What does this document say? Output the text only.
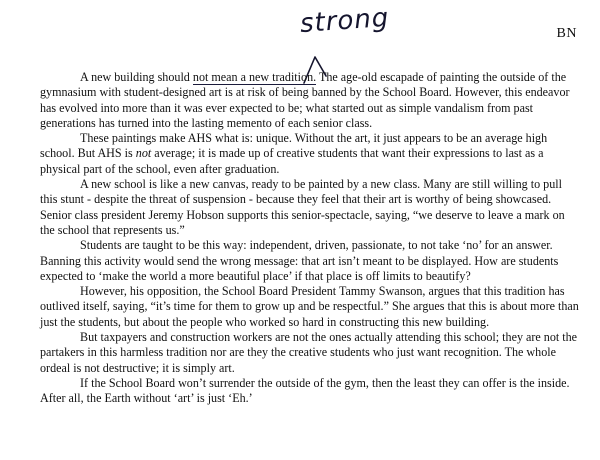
BN
strong

A new building should not mean a new tradition. The age-old escapade of painting the outside of the gymnasium with student-designed art is at risk of being banned by the School Board. However, this endeavor has evolved into more than it was ever expected to be; what started out as simple vandalism from past generations has turned into the lasting memento of each senior class.

These paintings make AHS what is: unique. Without the art, it just appears to be an average high school. But AHS is not average; it is made up of creative students that want their expressions to last as a physical part of the school, even after graduation.

A new school is like a new canvas, ready to be painted by a new class. Many are still willing to pull this stunt - despite the threat of suspension - because they feel that their art is worthy of being showcased. Senior class president Jeremy Hobson supports this senior-spectacle, saying, “we deserve to leave a mark on the school that represents us.”

Students are taught to be this way: independent, driven, passionate, to not take ‘no’ for an answer. Banning this activity would send the wrong message: that art isn’t meant to be displayed. How are students expected to ‘make the world a more beautiful place’ if that place is off limits to beautify?

However, his opposition, the School Board President Tammy Swanson, argues that this tradition has outlived itself, saying, “it’s time for them to grow up and be respectful.” She argues that this is about more than just the students, but about the people who worked so hard in constructing this new building.

But taxpayers and construction workers are not the ones actually attending this school; they are not the partakers in this harmless tradition nor are they the creative students who just want recognition. The whole ordeal is not destructive; it is simply art.

If the School Board won’t surrender the outside of the gym, then the least they can offer is the inside. After all, the Earth without ‘art’ is just ‘Eh.’
